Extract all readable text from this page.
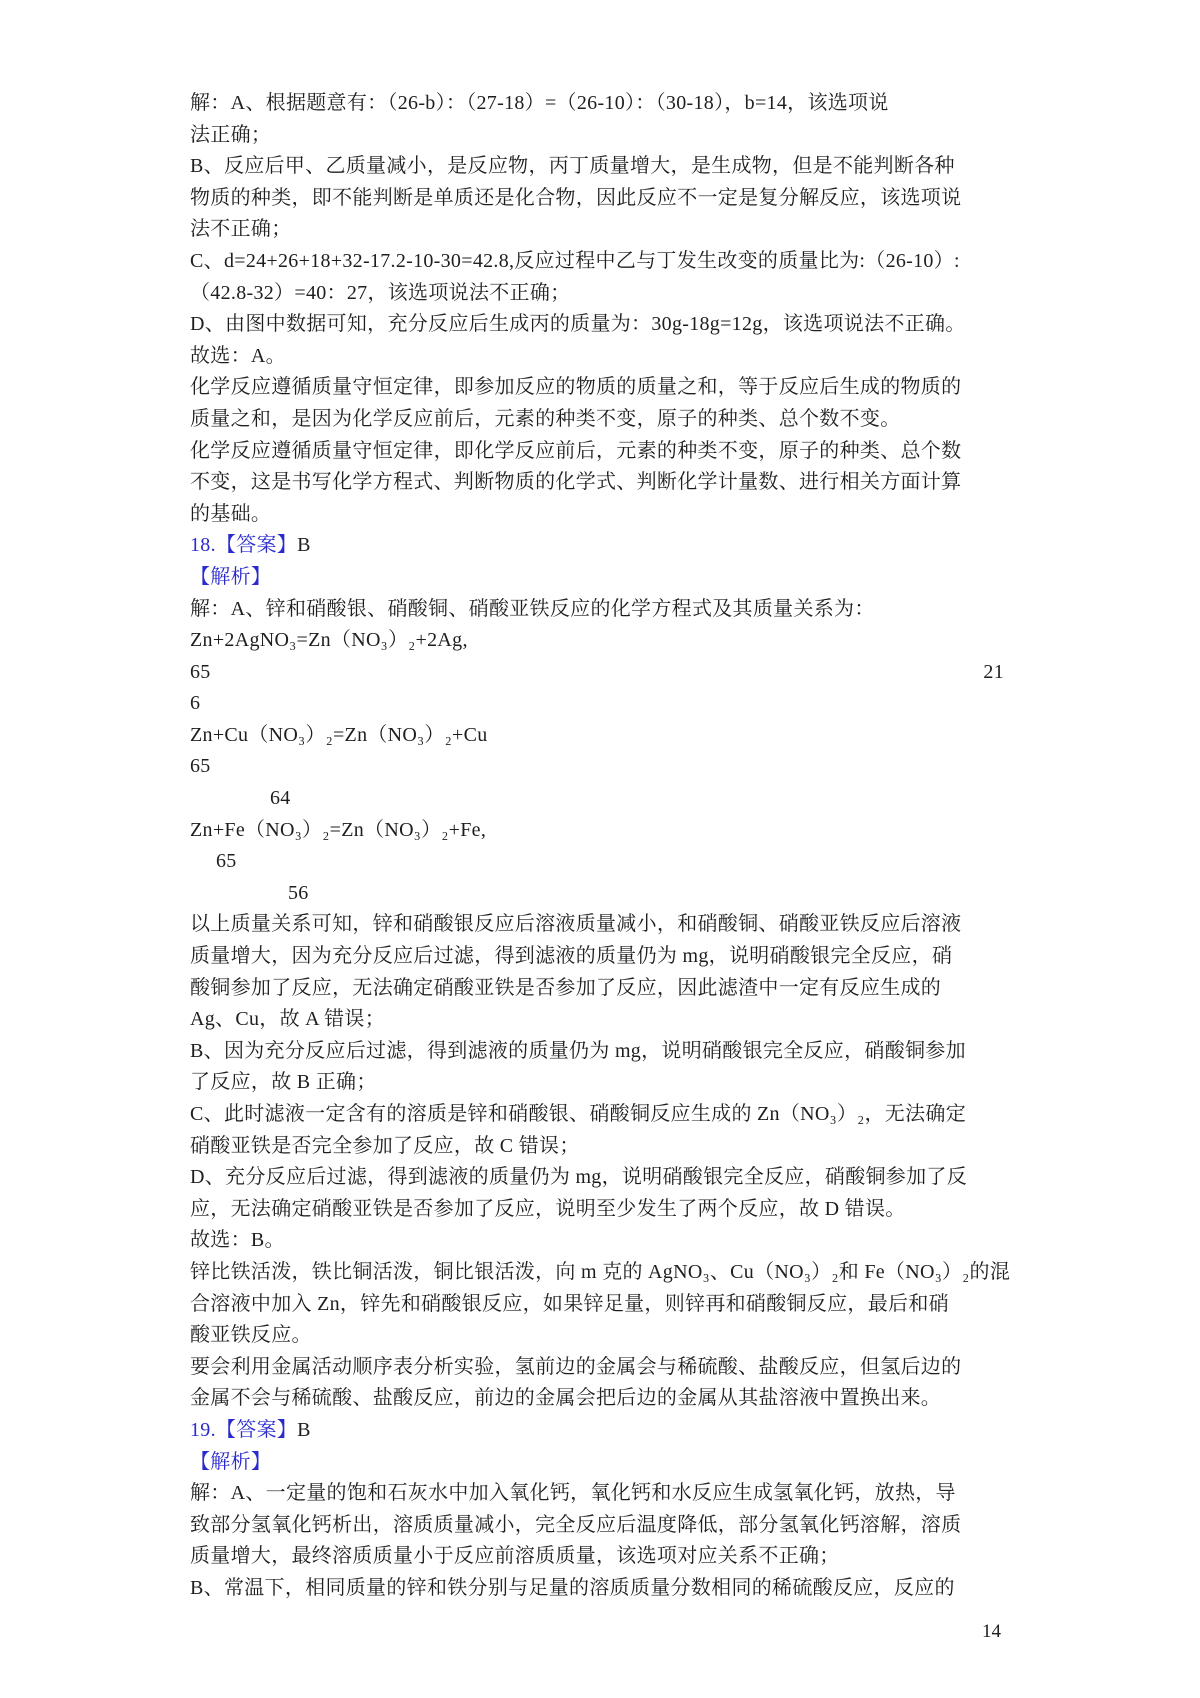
解：A、根据题意有：（26-b）：（27-18）=（26-10）：（30-18），b=14，该选项说
法正确；
B、反应后甲、乙质量减小，是反应物，丙丁质量增大，是生成物，但是不能判断各种
物质的种类，即不能判断是单质还是化合物，因此反应不一定是复分解反应，该选项说
法不正确；
C、d=24+26+18+32-17.2-10-30=42.8,反应过程中乙与丁发生改变的质量比为:（26-10）:
（42.8-32）=40：27，该选项说法不正确；
D、由图中数据可知，充分反应后生成丙的质量为：30g-18g=12g，该选项说法不正确。
故选：A。
化学反应遵循质量守恒定律，即参加反应的物质的质量之和，等于反应后生成的物质的
质量之和，是因为化学反应前后，元素的种类不变，原子的种类、总个数不变。
化学反应遵循质量守恒定律，即化学反应前后，元素的种类不变，原子的种类、总个数
不变，这是书写化学方程式、判断物质的化学式、判断化学计量数、进行相关方面计算
的基础。
18.【答案】B
【解析】
解：A、锌和硝酸银、硝酸铜、硝酸亚铁反应的化学方程式及其质量关系为：
Zn+2AgNO₃=Zn（NO₃）₂+2Ag,
65	21
6
Zn+Cu（NO₃）₂=Zn（NO₃）₂+Cu
65
64
Zn+Fe（NO₃）₂=Zn（NO₃）₂+Fe,
65
56
以上质量关系可知，锌和硝酸银反应后溶液质量减小，和硝酸铜、硝酸亚铁反应后溶液
质量增大，因为充分反应后过滤，得到滤液的质量仍为 mg，说明硝酸银完全反应，硝
酸铜参加了反应，无法确定硝酸亚铁是否参加了反应，因此滤渣中一定有反应生成的
Ag、Cu，故 A 错误；
B、因为充分反应后过滤，得到滤液的质量仍为 mg，说明硝酸银完全反应，硝酸铜参加
了反应，故 B 正确；
C、此时滤液一定含有的溶质是锌和硝酸银、硝酸铜反应生成的 Zn（NO₃）₂，无法确定
硝酸亚铁是否完全参加了反应，故 C 错误；
D、充分反应后过滤，得到滤液的质量仍为 mg，说明硝酸银完全反应，硝酸铜参加了反
应，无法确定硝酸亚铁是否参加了反应，说明至少发生了两个反应，故 D 错误。
故选：B。
锌比铁活泼，铁比铜活泼，铜比银活泼，向 m 克的 AgNO₃、Cu（NO₃）₂和 Fe（NO₃）₂的混
合溶液中加入 Zn，锌先和硝酸银反应，如果锌足量，则锌再和硝酸铜反应，最后和硝
酸亚铁反应。
要会利用金属活动顺序表分析实验，氢前边的金属会与稀硫酸、盐酸反应，但氢后边的
金属不会与稀硫酸、盐酸反应，前边的金属会把后边的金属从其盐溶液中置换出来。
19.【答案】B
【解析】
解：A、一定量的饱和石灰水中加入氧化钙，氧化钙和水反应生成氢氧化钙，放热，导
致部分氢氧化钙析出，溶质质量减小，完全反应后温度降低，部分氢氧化钙溶解，溶质
质量增大，最终溶质质量小于反应前溶质质量，该选项对应关系不正确；
B、常温下，相同质量的锌和铁分别与足量的溶质质量分数相同的稀硫酸反应，反应的
14
